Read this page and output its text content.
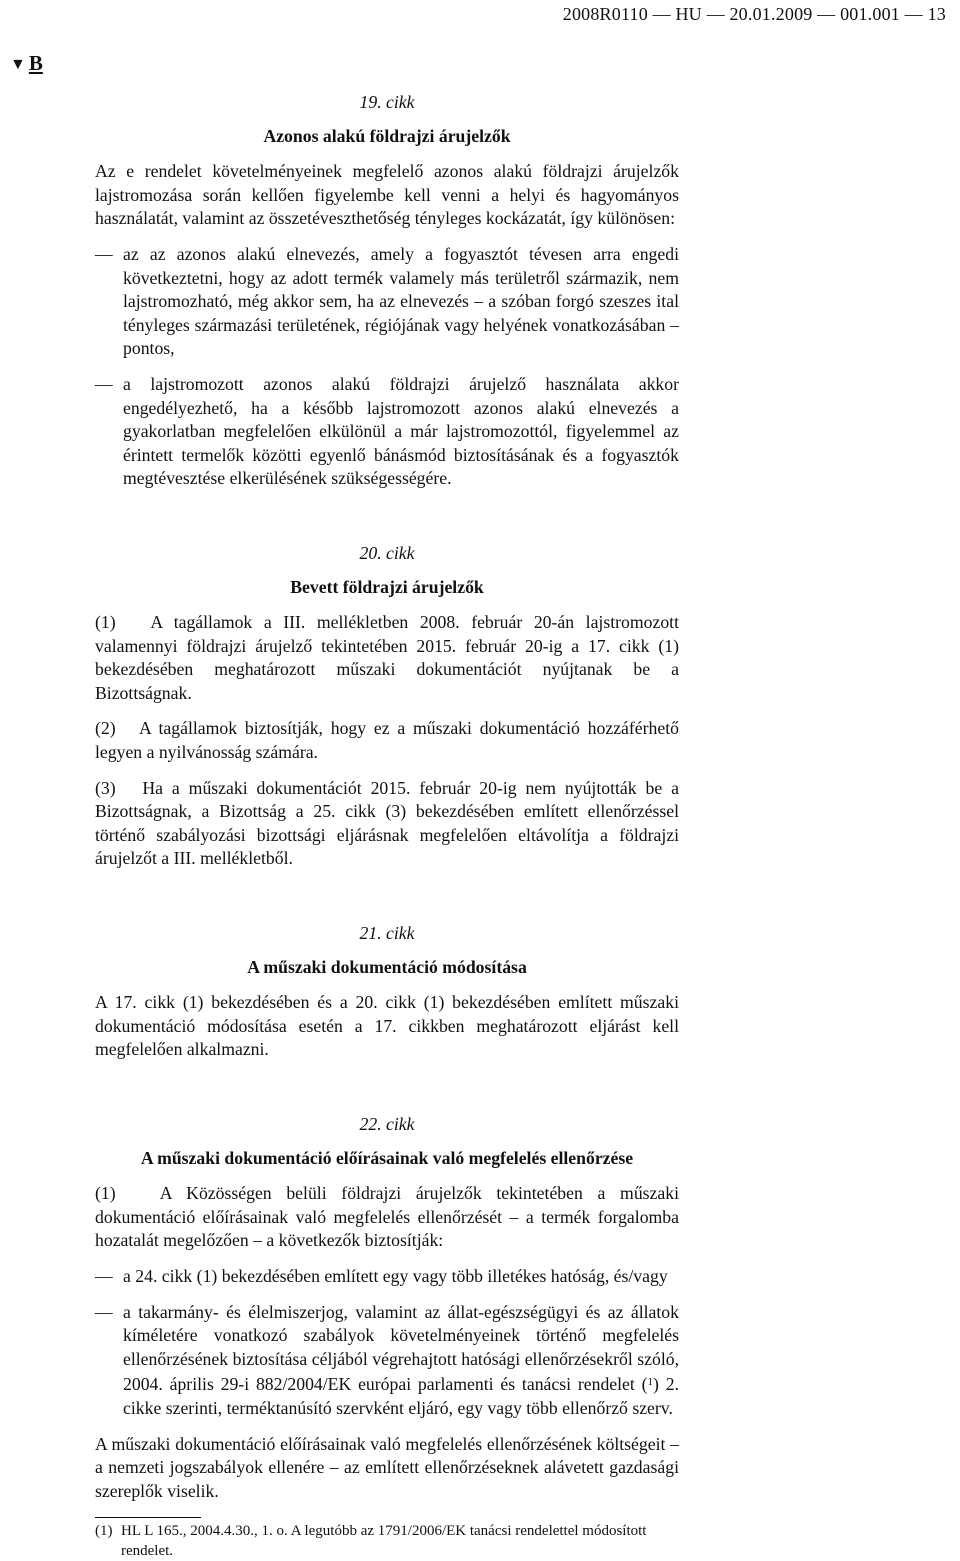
2008R0110 — HU — 20.01.2009 — 001.001 — 13
▼ B

19. cikk

Azonos alakú földrajzi árujelzők

Az e rendelet követelményeinek megfelelő azonos alakú földrajzi árujelzők lajstromozása során kellően figyelembe kell venni a helyi és hagyományos használatát, valamint az összetéveszthetőség tényleges kockázatát, így különösen:

— az az azonos alakú elnevezés, amely a fogyasztót tévesen arra engedi következtetni, hogy az adott termék valamely más területről származik, nem lajstromozható, még akkor sem, ha az elnevezés – a szóban forgó szeszes ital tényleges származási területének, régiójának vagy helyének vonatkozásában – pontos,
— a lajstromozott azonos alakú földrajzi árujelző használata akkor engedélyezhető, ha a később lajstromozott azonos alakú elnevezés a gyakorlatban megfelelően elkülönül a már lajstromozottól, figyelemmel az érintett termelők közötti egyenlő bánásmód biztosításának és a fogyasztók megtévesztése elkerülésének szükségességére.

20. cikk

Bevett földrajzi árujelzők

(1)   A tagállamok a III. mellékletben 2008. február 20-án lajstromozott valamennyi földrajzi árujelző tekintetében 2015. február 20-ig a 17. cikk (1) bekezdésében meghatározott műszaki dokumentációt nyújtanak be a Bizottságnak.

(2)   A tagállamok biztosítják, hogy ez a műszaki dokumentáció hozzáférhető legyen a nyilvánosság számára.

(3)   Ha a műszaki dokumentációt 2015. február 20-ig nem nyújtották be a Bizottságnak, a Bizottság a 25. cikk (3) bekezdésében említett ellenőrzéssel történő szabályozási bizottsági eljárásnak megfelelően eltávolítja a földrajzi árujelzőt a III. mellékletből.

21. cikk

A műszaki dokumentáció módosítása

A 17. cikk (1) bekezdésében és a 20. cikk (1) bekezdésében említett műszaki dokumentáció módosítása esetén a 17. cikkben meghatározott eljárást kell megfelelően alkalmazni.

22. cikk

A műszaki dokumentáció előírásainak való megfelelés ellenőrzése

(1)   A Közösségen belüli földrajzi árujelzők tekintetében a műszaki dokumentáció előírásainak való megfelelés ellenőrzését – a termék forgalomba hozatalát megelőzően – a következők biztosítják:

— a 24. cikk (1) bekezdésében említett egy vagy több illetékes hatóság, és/vagy
— a takarmány- és élelmiszerjog, valamint az állat-egészségügyi és az állatok kíméletére vonatkozó szabályok követelményeinek történő megfelelés ellenőrzésének biztosítása céljából végrehajtott hatósági ellenőrzésekről szóló, 2004. április 29-i 882/2004/EK európai parlamenti és tanácsi rendelet ($^1$) 2. cikke szerinti, terméktanúsító szervként eljáró, egy vagy több ellenőrző szerv.

A műszaki dokumentáció előírásainak való megfelelés ellenőrzésének költségeit – a nemzeti jogszabályok ellenére – az említett ellenőrzéseknek alávetett gazdasági szereplők viselik.

(1) HL L 165., 2004.4.30., 1. o. A legutóbb az 1791/2006/EK tanácsi rendelettel módosított rendelet.
